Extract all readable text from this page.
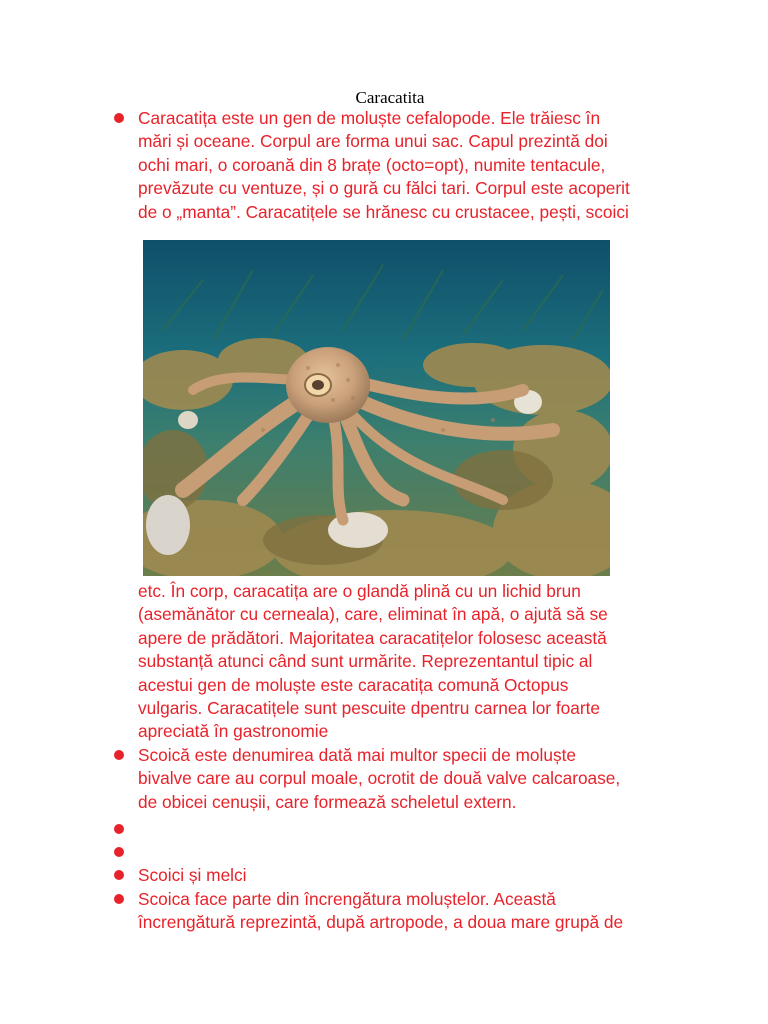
Caracatita

Caracatița este un gen de moluște cefalopode. Ele trăiesc în
mări și oceane. Corpul are forma unui sac. Capul prezintă doi
ochi mari, o coroană din 8 brațe (octo=opt), numite tentacule,
prevăzute cu ventuze, și o gură cu fălci tari. Corpul este acoperit
de o „manta”. Caracatițele se hrănesc cu crustacee, pești, scoici

etc. În corp, caracatița are o glandă plină cu un lichid brun
(asemănător cu cerneala), care, eliminat în apă, o ajută să se
apere de prădători. Majoritatea caracatițelor folosesc această
substanță atunci când sunt urmărite. Reprezentantul tipic al
acestui gen de moluște este caracatița comună Octopus
vulgaris. Caracatițele sunt pescuite dpentru carnea lor foarte
apreciată în gastronomie

Scoică este denumirea dată mai multor specii de moluște
bivalve care au corpul moale, ocrotit de două valve calcaroase,
de obicei cenușii, care formează scheletul extern.

Scoici și melci

Scoica face parte din încrengătura moluștelor. Această
încrengătură reprezintă, după artropode, a doua mare grupă de
